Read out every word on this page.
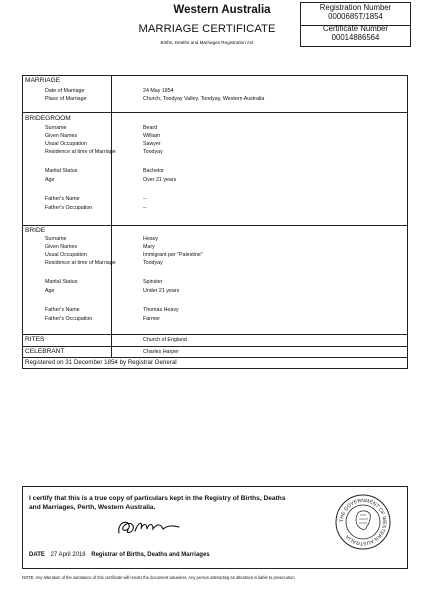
Western Australia
MARRIAGE CERTIFICATE
Births, Deaths and Marriages Registration Act
Registration Number
0000685T/1854
Certificate Number
00014886564
MARRIAGE
Date of Marriage	24 May 1854
Place of Marriage	Church, Toodyay Valley, Toodyay, Western Australia
BRIDEGROOM
Surname	Beard
Given Names	William
Usual Occupation	Sawyer
Residence at time of Marriage	Toodyay
Marital Status	Bachelor
Age	Over 21 years
Father's Name	--
Father's Occupation	--
BRIDE
Surname	Heavy
Given Names	Mary
Usual Occupation	Immigrant per "Palestine"
Residence at time of Marriage	Toodyay
Marital Status	Spinster
Age	Under 21 years
Father's Name	Thomas Heavy
Father's Occupation	Farmer
RITES	Church of England
CELEBRANT	Charles Harper
Registered on 31 December 1854 by Registrar General
I certify that this is a true copy of particulars kept in the Registry of Births, Deaths and Marriages, Perth, Western Australia.
DATE 27 April 2018 Registrar of Births, Deaths and Marriages
THE GOVERNMENT OF WESTERN AUSTRALIA
NOTE: Any alteration of the substance of this certificate will render the document valueless. Any person attempting an alteration is liable to prosecution
